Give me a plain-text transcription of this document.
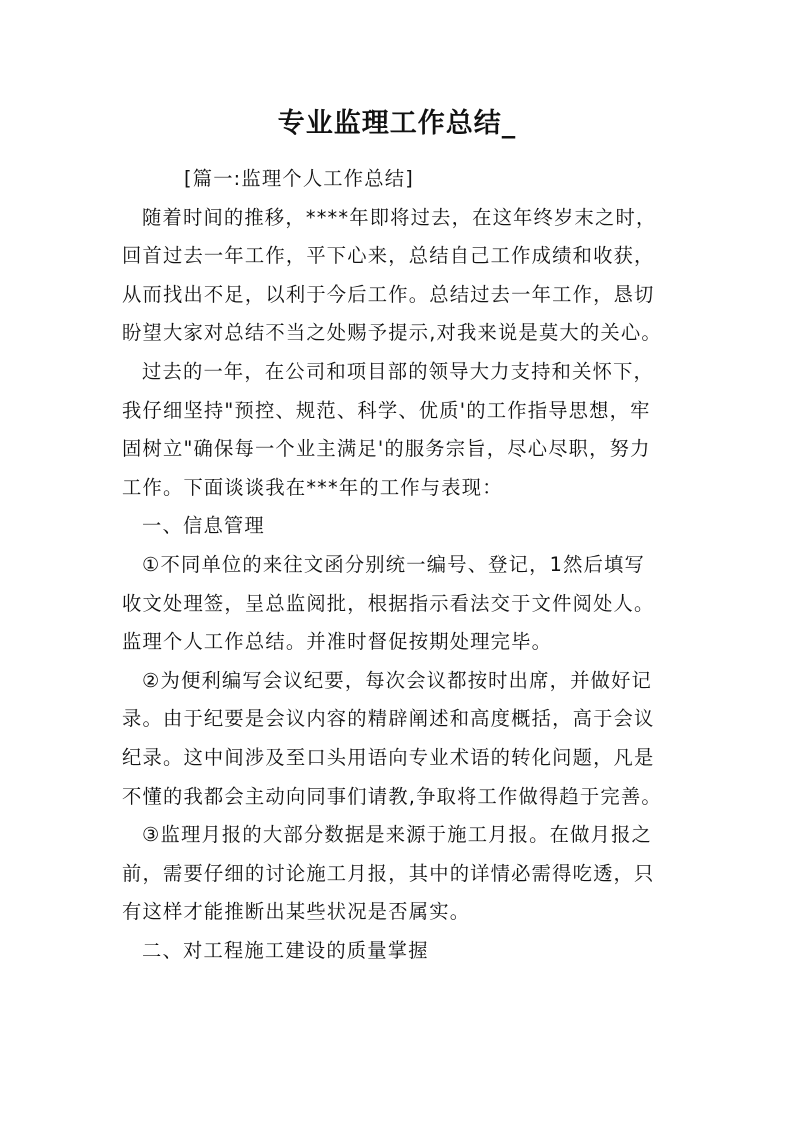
专业监理工作总结_
[篇一:监理个人工作总结]
随着时间的推移，****年即将过去，在这年终岁末之时，
回首过去一年工作，平下心来，总结自己工作成绩和收获，
从而找出不足，以利于今后工作。总结过去一年工作，恳切
盼望大家对总结不当之处赐予提示,对我来说是莫大的关心。
过去的一年，在公司和项目部的领导大力支持和关怀下，
我仔细坚持"预控、规范、科学、优质'的工作指导思想，牢
固树立"确保每一个业主满足'的服务宗旨，尽心尽职，努力
工作。下面谈谈我在***年的工作与表现：
一、信息管理
①不同单位的来往文函分别统一编号、登记，1然后填写
收文处理签，呈总监阅批，根据指示看法交于文件阅处人。
监理个人工作总结。并准时督促按期处理完毕。
②为便利编写会议纪要，每次会议都按时出席，并做好记
录。由于纪要是会议内容的精辟阐述和高度概括，高于会议
纪录。这中间涉及至口头用语向专业术语的转化问题，凡是
不懂的我都会主动向同事们请教,争取将工作做得趋于完善。
③监理月报的大部分数据是来源于施工月报。在做月报之
前，需要仔细的讨论施工月报，其中的详情必需得吃透，只
有这样才能推断出某些状况是否属实。
二、对工程施工建设的质量掌握
